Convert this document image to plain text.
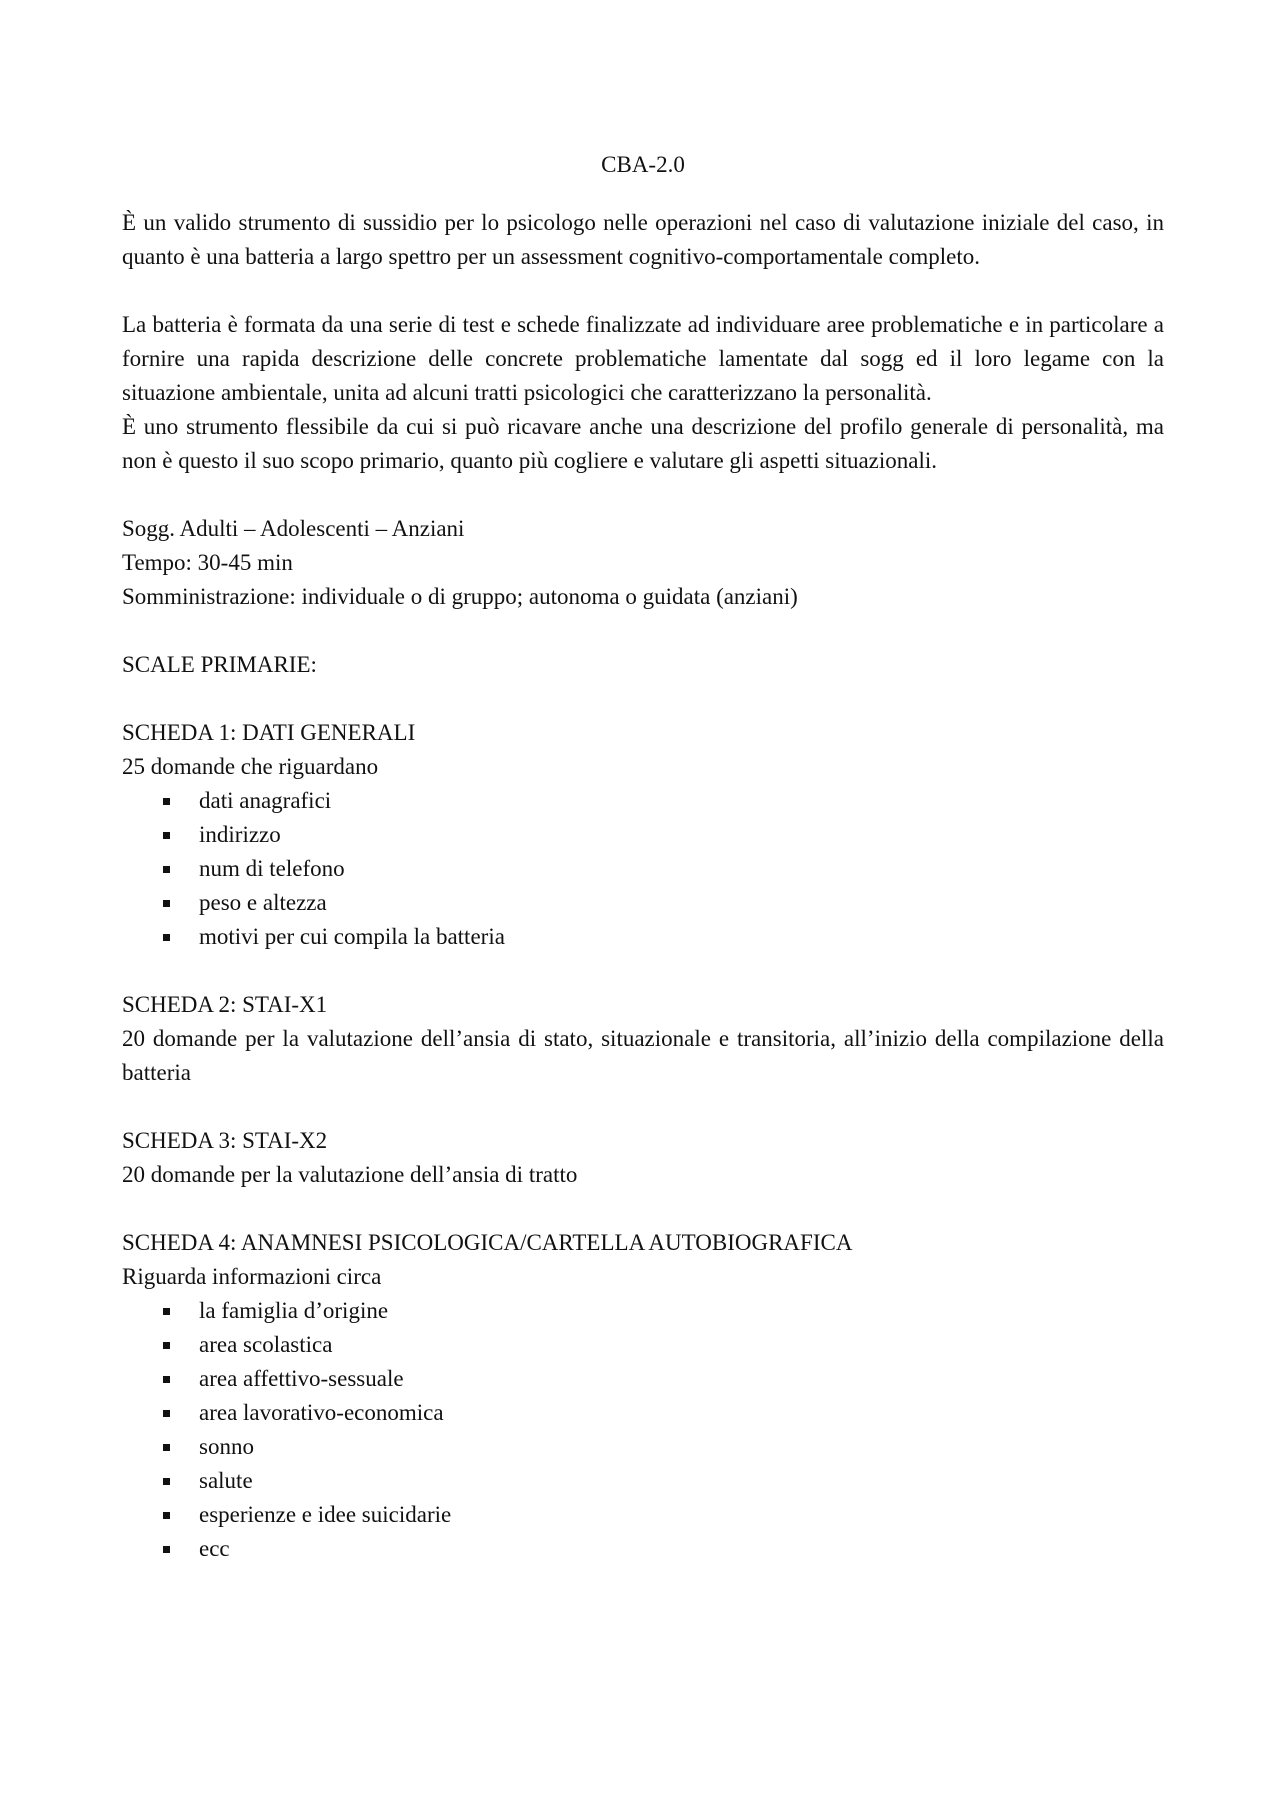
CBA-2.0

È un valido strumento di sussidio per lo psicologo nelle operazioni nel caso di valutazione iniziale del caso, in quanto è una batteria a largo spettro per un assessment cognitivo-comportamentale completo.

La batteria è formata da una serie di test e schede finalizzate ad individuare aree problematiche e in particolare a fornire una rapida descrizione delle concrete problematiche lamentate dal sogg ed il loro legame con la situazione ambientale, unita ad alcuni tratti psicologici che caratterizzano la personalità.

È uno strumento flessibile da cui si può ricavare anche una descrizione del profilo generale di personalità, ma non è questo il suo scopo primario, quanto più cogliere e valutare gli aspetti situazionali.

Sogg. Adulti – Adolescenti – Anziani

Tempo: 30-45 min

Somministrazione: individuale o di gruppo; autonoma o guidata (anziani)

SCALE PRIMARIE:

SCHEDA 1: DATI GENERALI

25 domande che riguardano

dati anagrafici
indirizzo
num di telefono
peso e altezza
motivi per cui compila la batteria

SCHEDA 2: STAI-X1

20 domande per la valutazione dell’ansia di stato, situazionale e transitoria, all’inizio della compilazione della batteria

SCHEDA 3: STAI-X2

20 domande per la valutazione dell’ansia di tratto

SCHEDA 4: ANAMNESI PSICOLOGICA/CARTELLA AUTOBIOGRAFICA

Riguarda informazioni circa

la famiglia d’origine
area scolastica
area affettivo-sessuale
area lavorativo-economica
sonno
salute
esperienze e idee suicidarie
ecc
